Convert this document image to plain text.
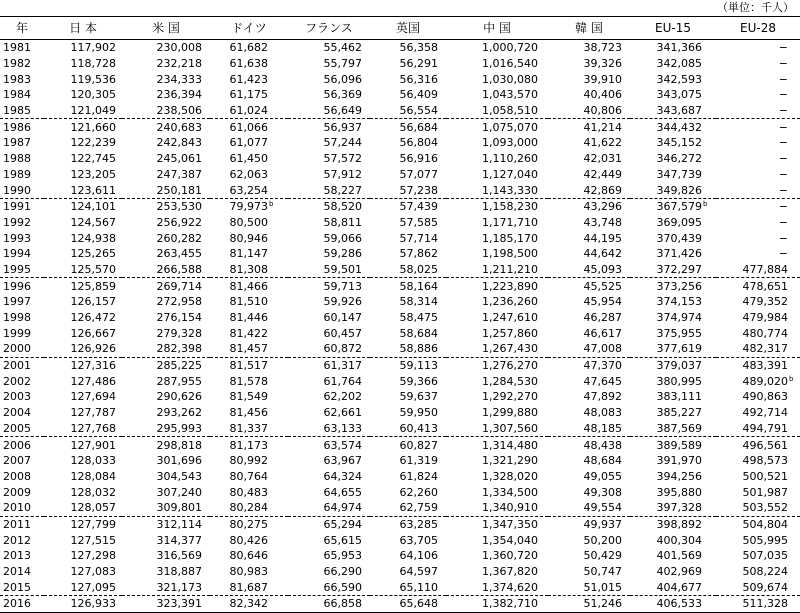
（単位：千人）
年	日 本	米 国	ドイツ	フランス	英国	中 国	韓 国	EU-15	EU-28
1981	117,902	230,008	61,682	55,462	56,358	1,000,720	38,723	341,366	−
1982	118,728	232,218	61,638	55,797	56,291	1,016,540	39,326	342,085	−
1983	119,536	234,333	61,423	56,096	56,316	1,030,080	39,910	342,593	−
1984	120,305	236,394	61,175	56,369	56,409	1,043,570	40,406	343,075	−
1985	121,049	238,506	61,024	56,649	56,554	1,058,510	40,806	343,687	−
1986	121,660	240,683	61,066	56,937	56,684	1,075,070	41,214	344,432	−
1987	122,239	242,843	61,077	57,244	56,804	1,093,000	41,622	345,152	−
1988	122,745	245,061	61,450	57,572	56,916	1,110,260	42,031	346,272	−
1989	123,205	247,387	62,063	57,912	57,077	1,127,040	42,449	347,739	−
1990	123,611	250,181	63,254	58,227	57,238	1,143,330	42,869	349,826	−
1991	124,101	253,530	79,973b	58,520	57,439	1,158,230	43,296	367,579b	−
1992	124,567	256,922	80,500	58,811	57,585	1,171,710	43,748	369,095	−
1993	124,938	260,282	80,946	59,066	57,714	1,185,170	44,195	370,439	−
1994	125,265	263,455	81,147	59,286	57,862	1,198,500	44,642	371,426	−
1995	125,570	266,588	81,308	59,501	58,025	1,211,210	45,093	372,297	477,884
1996	125,859	269,714	81,466	59,713	58,164	1,223,890	45,525	373,256	478,651
1997	126,157	272,958	81,510	59,926	58,314	1,236,260	45,954	374,153	479,352
1998	126,472	276,154	81,446	60,147	58,475	1,247,610	46,287	374,974	479,984
1999	126,667	279,328	81,422	60,457	58,684	1,257,860	46,617	375,955	480,774
2000	126,926	282,398	81,457	60,872	58,886	1,267,430	47,008	377,619	482,317
2001	127,316	285,225	81,517	61,317	59,113	1,276,270	47,370	379,037	483,391
2002	127,486	287,955	81,578	61,764	59,366	1,284,530	47,645	380,995	489,020b
2003	127,694	290,626	81,549	62,202	59,637	1,292,270	47,892	383,111	490,863
2004	127,787	293,262	81,456	62,661	59,950	1,299,880	48,083	385,227	492,714
2005	127,768	295,993	81,337	63,133	60,413	1,307,560	48,185	387,569	494,791
2006	127,901	298,818	81,173	63,574	60,827	1,314,480	48,438	389,589	496,561
2007	128,033	301,696	80,992	63,967	61,319	1,321,290	48,684	391,970	498,573
2008	128,084	304,543	80,764	64,324	61,824	1,328,020	49,055	394,256	500,521
2009	128,032	307,240	80,483	64,655	62,260	1,334,500	49,308	395,880	501,987
2010	128,057	309,801	80,284	64,974	62,759	1,340,910	49,554	397,328	503,552
2011	127,799	312,114	80,275	65,294	63,285	1,347,350	49,937	398,892	504,804
2012	127,515	314,377	80,426	65,615	63,705	1,354,040	50,200	400,304	505,995
2013	127,298	316,569	80,646	65,953	64,106	1,360,720	50,429	401,569	507,035
2014	127,083	318,887	80,983	66,290	64,597	1,367,820	50,747	402,969	508,224
2015	127,095	321,173	81,687	66,590	65,110	1,374,620	51,015	404,677	509,674
2016	126,933	323,391	82,342	66,858	65,648	1,382,710	51,246	406,533	511,328
